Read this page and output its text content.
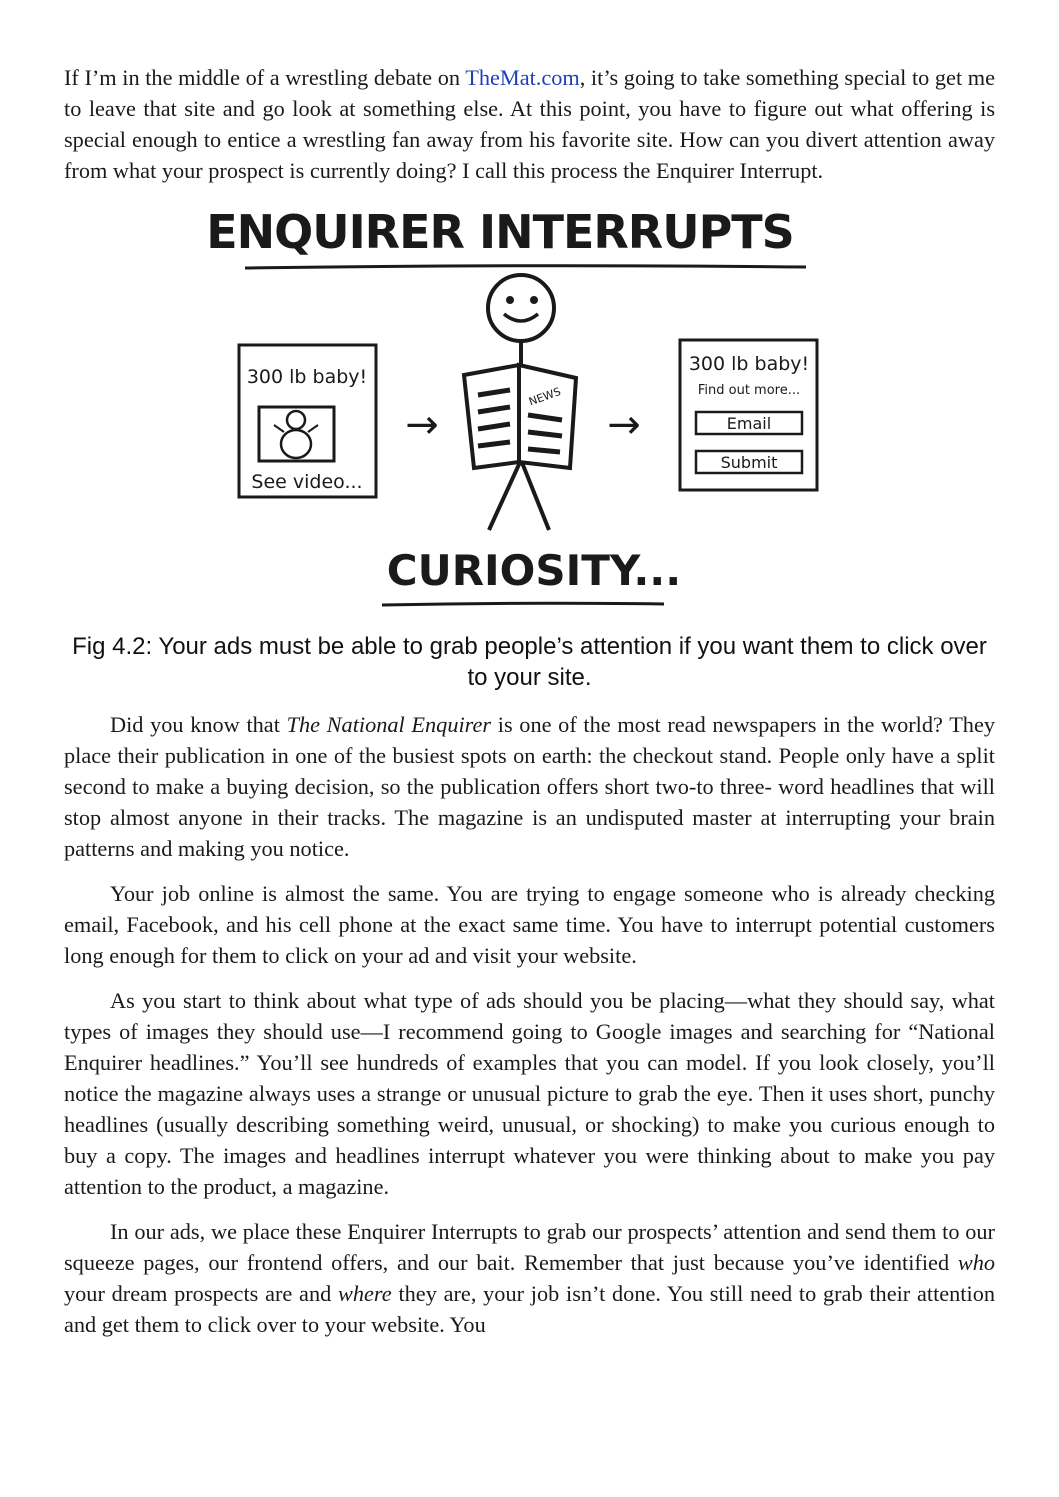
If I’m in the middle of a wrestling debate on TheMat.com, it’s going to take something special to get me to leave that site and go look at something else. At this point, you have to figure out what offering is special enough to entice a wrestling fan away from his favorite site. How can you divert attention away from what your prospect is currently doing? I call this process the Enquirer Interrupt.

ENQUIRER INTERRUPTS
300 lb baby!
See video...
→
NEWS
→
300 lb baby!
Find out more...
Email
Submit
CURIOSITY...
Fig 4.2: Your ads must be able to grab people’s attention if you want them to click over to your site.

Did you know that The National Enquirer is one of the most read newspapers in the world? They place their publication in one of the busiest spots on earth: the checkout stand. People only have a split second to make a buying decision, so the publication offers short two-to three- word headlines that will stop almost anyone in their tracks. The magazine is an undisputed master at interrupting your brain patterns and making you notice.

Your job online is almost the same. You are trying to engage someone who is already checking email, Facebook, and his cell phone at the exact same time. You have to interrupt potential customers long enough for them to click on your ad and visit your website.

As you start to think about what type of ads should you be placing—what they should say, what types of images they should use—I recommend going to Google images and searching for “National Enquirer headlines.” You’ll see hundreds of examples that you can model. If you look closely, you’ll notice the magazine always uses a strange or unusual picture to grab the eye. Then it uses short, punchy headlines (usually describing something weird, unusual, or shocking) to make you curious enough to buy a copy. The images and headlines interrupt whatever you were thinking about to make you pay attention to the product, a magazine.

In our ads, we place these Enquirer Interrupts to grab our prospects’ attention and send them to our squeeze pages, our frontend offers, and our bait. Remember that just because you’ve identified who your dream prospects are and where they are, your job isn’t done. You still need to grab their attention and get them to click over to your website. You
